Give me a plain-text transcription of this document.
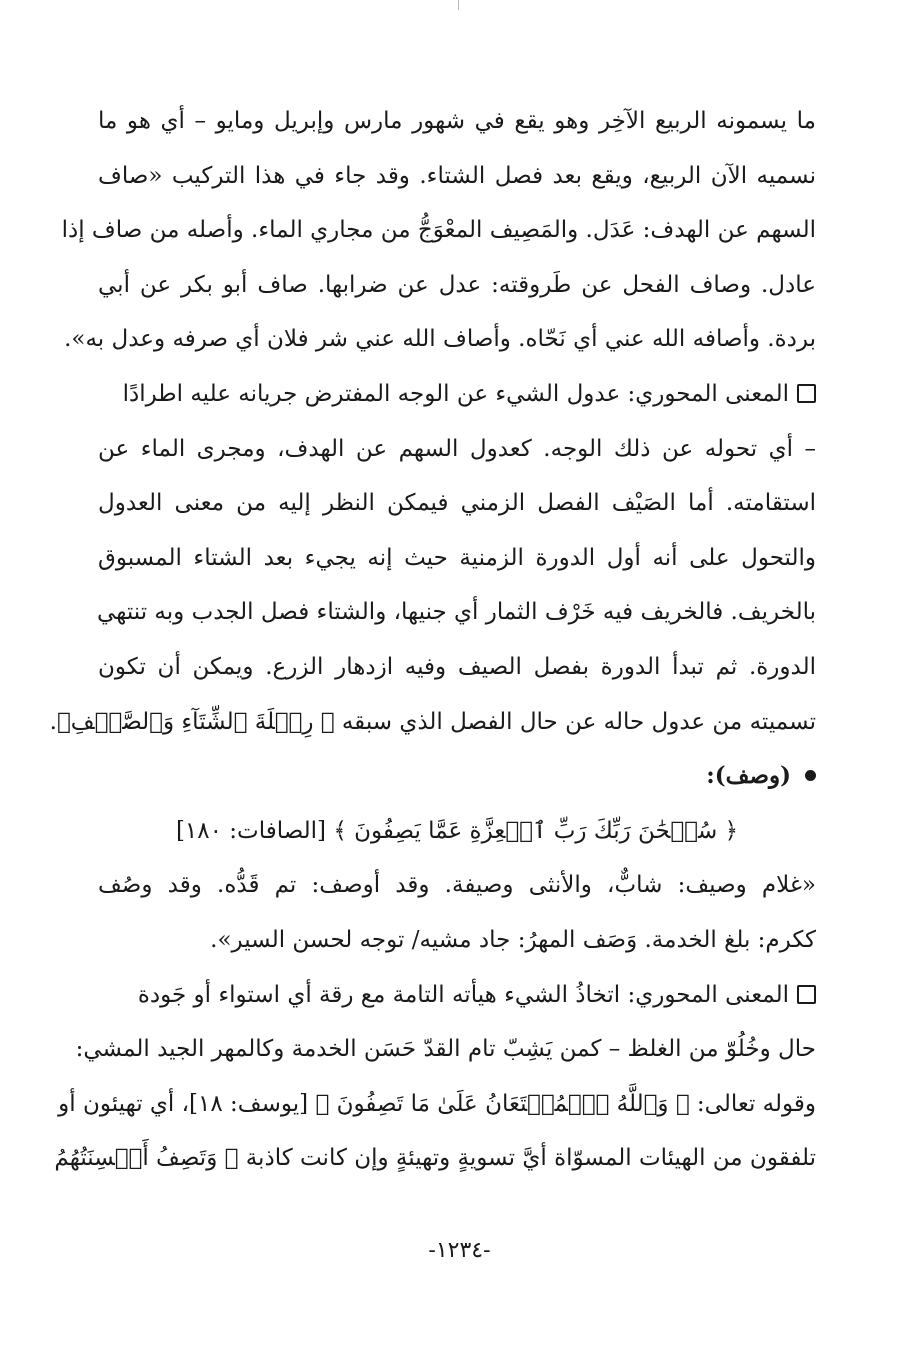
ما يسمونه الربيع الآخِر وهو يقع في شهور مارس وإبريل ومايو – أي هو ما
نسميه الآن الربيع، ويقع بعد فصل الشتاء. وقد جاء في هذا التركيب «صاف
السهم عن الهدف: عَدَل. والمَصِيف المعْوَجُّ من مجاري الماء. وأصله من صاف إذا
عادل. وصاف الفحل عن طَروقته: عدل عن ضرابها. صاف أبو بكر عن أبي
بردة. وأصافه الله عني أي نَحّاه. وأصاف الله عني شر فلان أي صرفه وعدل به».
المعنى المحوري: عدول الشيء عن الوجه المفترض جريانه عليه اطرادًا
– أي تحوله عن ذلك الوجه. كعدول السهم عن الهدف، ومجرى الماء عن
استقامته. أما الصَيْف الفصل الزمني فيمكن النظر إليه من معنى العدول
والتحول على أنه أول الدورة الزمنية حيث إنه يجيء بعد الشتاء المسبوق
بالخريف. فالخريف فيه خَرْف الثمار أي جنيها، والشتاء فصل الجدب وبه تنتهي
الدورة. ثم تبدأ الدورة بفصل الصيف وفيه ازدهار الزرع. ويمكن أن تكون
تسميته من عدول حاله عن حال الفصل الذي سبقه ﴿ رِحۡلَةَ ٱلشِّتَآءِ وَٱلصَّيۡفِ﴾.
(وصف):
﴿ سُبۡحَٰنَ رَبِّكَ رَبِّ ٱلۡعِزَّةِ عَمَّا يَصِفُونَ ﴾ [الصافات: ١٨٠]
«غلام وصيف: شابٌّ، والأنثى وصيفة. وقد أوصف: تم قَدُّه. وقد وصُف
ككرم: بلغ الخدمة. وَصَف المهرُ: جاد مشيه/ توجه لحسن السير».
المعنى المحوري: اتخاذُ الشيء هيأته التامة مع رقة أي استواء أو جَودة
حال وخُلُوّ من الغلظ – كمن يَشِبّ تام القدّ حَسَن الخدمة وكالمهر الجيد المشي:
وقوله تعالى: ﴿ وَٱللَّهُ ٱلۡمُسۡتَعَانُ عَلَىٰ مَا تَصِفُونَ ﴾ [يوسف: ١٨]، أي تهيئون أو
تلفقون من الهيئات المسوّاة أيَّ تسويةٍ وتهيئةٍ وإن كانت كاذبة ﴿ وَتَصِفُ أَلۡسِنَتُهُمُ
-١٢٣٤-
